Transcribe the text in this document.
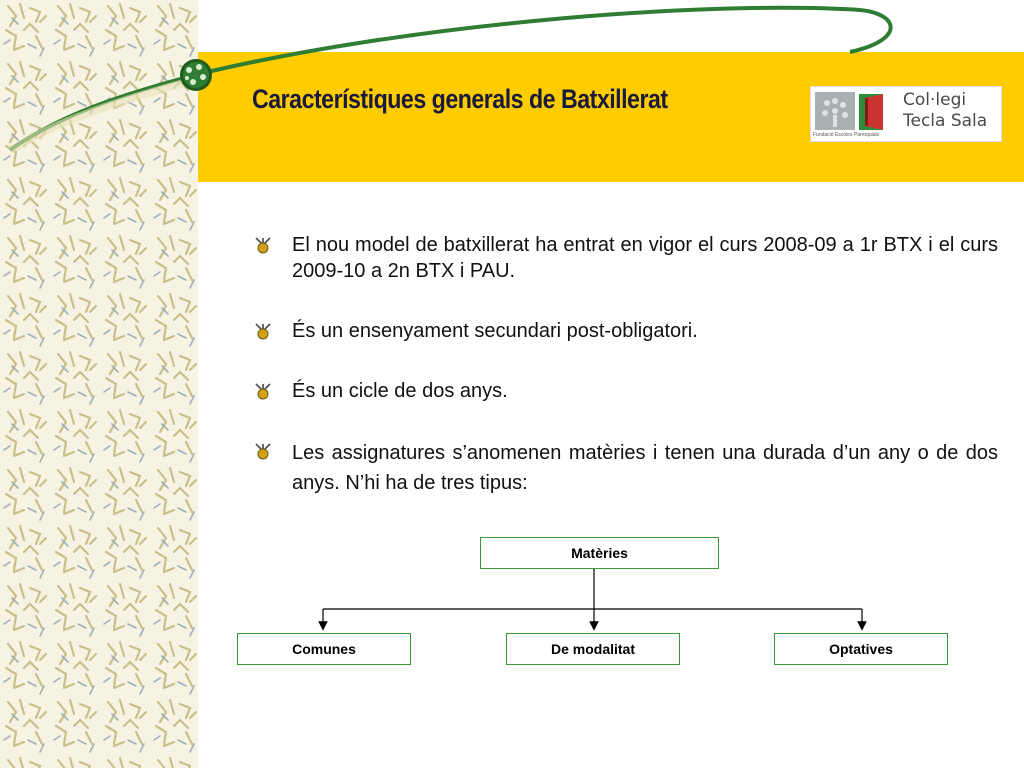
Característiques generals de Batxillerat	Col·legi
Tecla Sala
Fundació Escoles Parroquials
El nou model de batxillerat ha entrat en vigor el curs 2008-09 a 1r BTX i el curs 2009-10 a 2n BTX i PAU.
És un ensenyament secundari post-obligatori.
És un cicle de dos anys.
Les assignatures s’anomenen matèries i tenen una durada d’un any o de dos anys. N’hi ha de tres tipus:
Matèries
Comunes	De modalitat	Optatives
